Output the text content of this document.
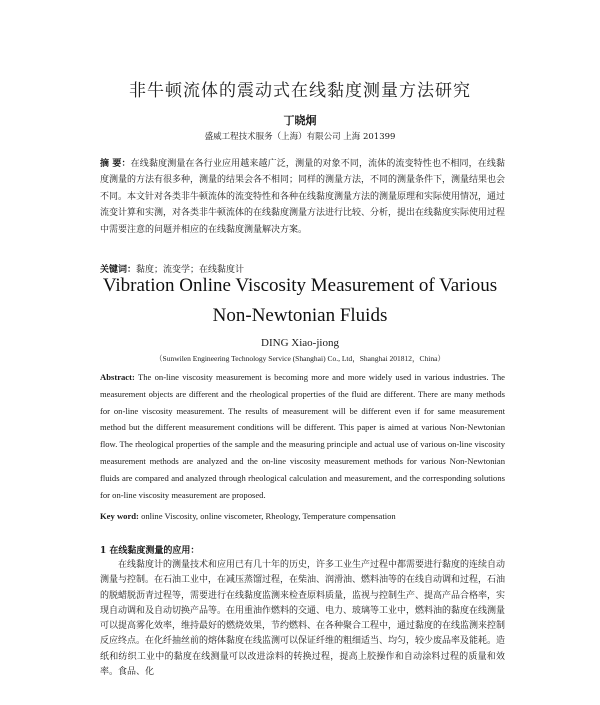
非牛顿流体的震动式在线黏度测量方法研究
丁晓炯
盛威工程技术服务（上海）有限公司 上海 201399
摘 要：在线黏度测量在各行业应用越来越广泛，测量的对象不同，流体的流变特性也不相同，在线黏度测量的方法有很多种，测量的结果会各不相同；同样的测量方法，不同的测量条件下，测量结果也会不同。本文针对各类非牛顿流体的流变特性和各种在线黏度测量方法的测量原理和实际使用情况，通过流变计算和实测，对各类非牛顿流体的在线黏度测量方法进行比较、分析，提出在线黏度实际使用过程中需要注意的问题并相应的在线黏度测量解决方案。
关键词：黏度；流变学；在线黏度计
Vibration Online Viscosity Measurement of Various
Non-Newtonian Fluids
DING Xiao-jiong
（Sunwilen Engineering Technology Service (Shanghai) Co., Ltd，Shanghai 201812，China）
Abstract: The on-line viscosity measurement is becoming more and more widely used in various industries. The measurement objects are different and the rheological properties of the fluid are different. There are many methods for on-line viscosity measurement. The results of measurement will be different even if for same measurement method but the different measurement conditions will be different. This paper is aimed at various Non-Newtonian flow. The rheological properties of the sample and the measuring principle and actual use of various on-line viscosity measurement methods are analyzed and the on-line viscosity measurement methods for various Non-Newtonian fluids are compared and analyzed through rheological calculation and measurement, and the corresponding solutions for on-line viscosity measurement are proposed.
Key word: online Viscosity, online viscometer, Rheology, Temperature compensation
1 在线黏度测量的应用：
在线黏度计的测量技术和应用已有几十年的历史，许多工业生产过程中都需要进行黏度的连续自动测量与控制。在石油工业中，在减压蒸馏过程，在柴油、润滑油、燃料油等的在线自动调和过程，石油的脱蜡脱沥青过程等，需要进行在线黏度监测来检查原料质量，监视与控制生产、提高产品合格率，实现自动调和及自动切换产品等。在用重油作燃料的交通、电力、玻璃等工业中，燃料油的黏度在线测量可以提高雾化效率，维持最好的燃烧效果，节约燃料、在各种聚合工程中，通过黏度的在线监测来控制反应终点。在化纤抽丝前的熔体黏度在线监测可以保证纤维的粗细适当、均匀，较少废品率及能耗。造纸和纺织工业中的黏度在线测量可以改进涂料的转换过程，提高上胶操作和自动涂料过程的质量和效率。食品、化
